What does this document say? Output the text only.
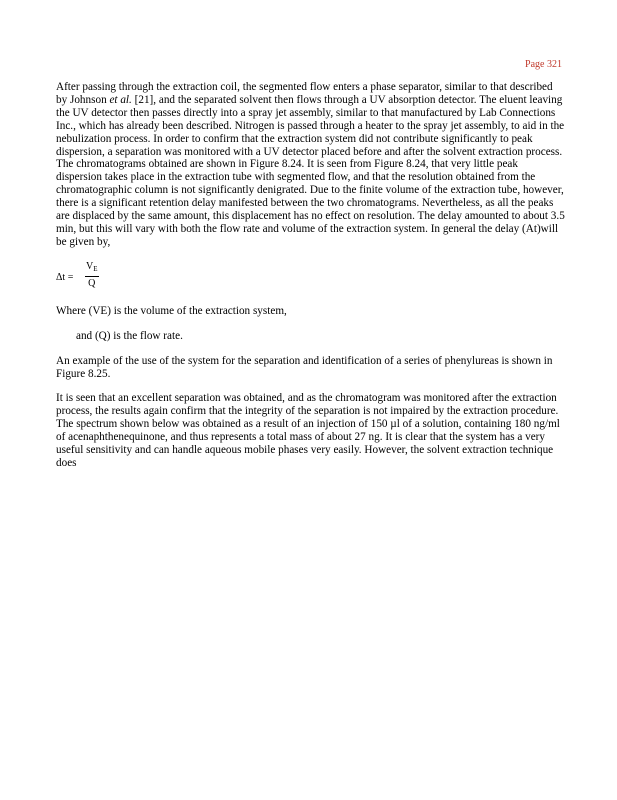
Page 321

After passing through the extraction coil, the segmented flow enters a phase separator, similar to that described by Johnson et al. [21], and the separated solvent then flows through a UV absorption detector. The eluent leaving the UV detector then passes directly into a spray jet assembly, similar to that manufactured by Lab Connections Inc., which has already been described. Nitrogen is passed through a heater to the spray jet assembly, to aid in the nebulization process. In order to confirm that the extraction system did not contribute significantly to peak dispersion, a separation was monitored with a UV detector placed before and after the solvent extraction process. The chromatograms obtained are shown in Figure 8.24. It is seen from Figure 8.24, that very little peak dispersion takes place in the extraction tube with segmented flow, and that the resolution obtained from the chromatographic column is not significantly denigrated. Due to the finite volume of the extraction tube, however, there is a significant retention delay manifested between the two chromatograms. Nevertheless, as all the peaks are displaced by the same amount, this displacement has no effect on resolution. The delay amounted to about 3.5 min, but this will vary with both the flow rate and volume of the extraction system. In general the delay (At)will be given by,

$\Delta t = \frac{V_E}{Q}$

Where (VE) is the volume of the extraction system,

and (Q) is the flow rate.

An example of the use of the system for the separation and identification of a series of phenylureas is shown in Figure 8.25.

It is seen that an excellent separation was obtained, and as the chromatogram was monitored after the extraction process, the results again confirm that the integrity of the separation is not impaired by the extraction procedure. The spectrum shown below was obtained as a result of an injection of 150 µl of a solution, containing 180 ng/ml of acenaphthenequinone, and thus represents a total mass of about 27 ng. It is clear that the system has a very useful sensitivity and can handle aqueous mobile phases very easily. However, the solvent extraction technique does
